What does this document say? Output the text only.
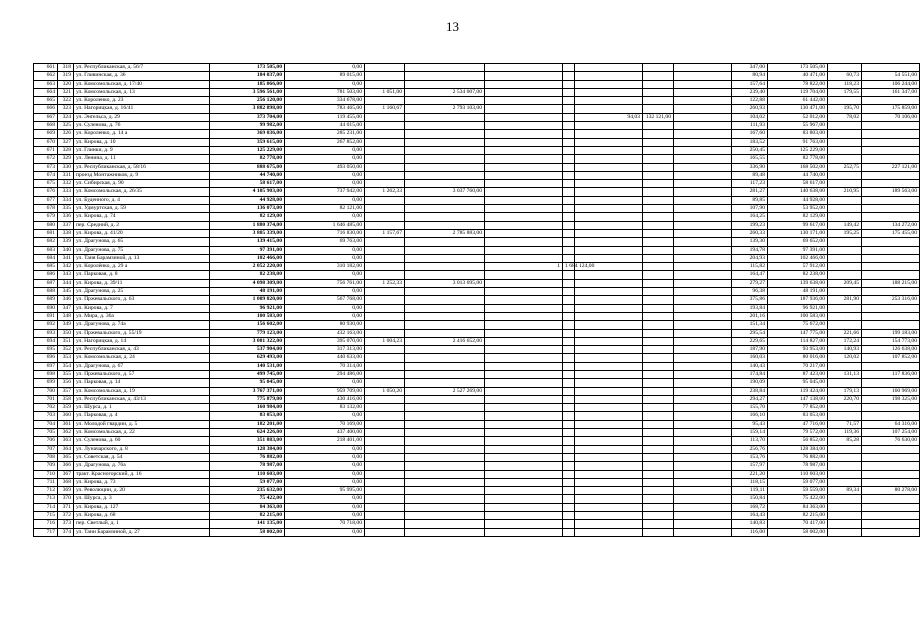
13
661	318	ул. Республиканская, д. 56/7	173 505,00	0,00								347,00	173 505,00		
662	319	ул. Гливинская, д. 36	184 037,00	89 015,00								80,94	40 471,00	60,73	54 551,00
663	320	ул. Комсомольская, д. 17/40	185 066,00	0,00								157,64	78 822,00	118,23	106 244,00
664	321	ул. Комсомольская, д. 13	3 596 561,00	781 503,00	1 051,00	2 534 007,00						239,40	119 704,00	179,55	161 347,00
665	322	ул. Короленко, д. 23	256 120,00	334 678,00								122,88	61 442,00		
666	323	ул. Нагорицкая, д. 16/41	3 882 898,00	783 465,00	1 160,67	2 793 103,00						260,93	130 471,00	195,70	175 859,00
667	324	ул. Энгельса, д. 29	373 704,00	119 455,00					94,03	132 121,00		104,02	52 012,00	78,02	70 106,00
668	325	ул. Суленова, д. 76	99 982,00	44 015,00								111,93	55 967,00		
669	326	ул. Короленко, д. 14 а	369 036,00	285 231,00								167,60	83 803,00		
670	327	ул. Кирова, д. 10	359 615,00	267 852,00								183,52	91 763,00		
671	328	ул. Глинки, д. 9	125 229,00	0,00								250,45	125 229,00		
672	329	ул. Ленина, д. 11	82 778,00	0,00								165,55	82 778,00		
673	330	ул. Республиканская, д. 58/16	888 675,00	493 050,00								336,90	168 502,00	252,75	227 121,00
674	331	проезд Монтажников, д. 9	44 740,00	0,00								89,48	44 740,00		
675	332	ул. Сибирская, д. 90	58 617,00	0,00								117,23	58 617,00		
676	333	ул. Комсомольская, д. 26/35	4 105 903,00	737 942,00	1 262,33	3 037 760,00						281,27	140 638,00	210,95	189 563,00
677	334	ул. Буденного, д. 4	44 928,00	0,00								89,85	44 928,00		
678	335	ул. Удмуртская, д. 59	136 073,00	82 121,00								107,90	53 952,00		
679	336	ул. Кирова, д. 74	82 129,00	0,00								164,25	82 129,00		
680	337	пер. Средний, д. 2	1 880 374,00	1 646 485,00								199,23	99 617,00	149,42	134 272,00
681	338	ул. Кирова, д. 41/20	3 805 339,00	716 830,00	1 157,67	2 785 883,00						260,33	130 171,00	195,25	175 455,00
682	339	ул. Драгунова, д. 65	139 415,00	69 763,00								139,30	69 652,00		
683	340	ул. Драгунова, д. 75	97 391,00	0,00								194,78	97 391,00		
684	341	ул. Таня Барамзиной, д. 13	102 466,00	0,00								204,93	102 466,00		
685	342	ул. Королёнко, д. 29 а	2 052 220,00	310 182,00			1	1 684 124,00				115,82	57 912,00		
686	343	ул. Парковая, д. 8	82 238,00	0,00								164,47	82 238,00		
687	344	ул. Кирова, д. 39/11	4 098 309,00	756 761,00	1 252,33	3 013 695,00						279,27	139 638,00	209,45	188 215,00
688	345	ул. Драгунова, д. 25	48 191,00	0,00								96,38	48 191,00		
689	346	ул. Пржевальского, д. 63	1 009 820,00	567 768,00								375,86	187 936,00	281,90	253 316,00
690	347	ул. Кирова, д. 7	96 921,00	0,00								193,84	96 921,00		
691	348	ул. Мира, д. 36а	100 583,00	0,00								201,16	100 583,00		
692	349	ул. Драгунова, д. 74а	156 602,00	80 930,00								151,34	75 672,00		
693	350	ул. Пржевальского, д. 55/19	779 123,00	432 163,00								295,54	147 775,00	221,66	199 183,00
694	351	ул. Нагорицкая, д. 14	3 081 322,00	395 070,00	1 004,23	2 416 652,00						229,65	114 827,00	172,24	154 773,00
695	352	ул. Республиканская, д. 43	537 904,00	317 313,00								187,90	93 953,00	140,93	126 638,00
696	353	ул. Комсомольская, д. 24	629 493,00	440 633,00								160,03	80 016,00	120,02	107 852,00
697	354	ул. Драгунова, д. 67	140 531,00	70 314,00								140,43	70 217,00		
698	355	ул. Пржевальского, д. 57	499 745,00	294 486,00								174,84	87 423,00	131,13	117 836,00
699	356	ул. Парковая, д. 14	95 045,00	0,00								190,09	95 045,00		
700	357	ул. Комсомольская, д. 19	3 767 371,00	959 709,00	1 050,20	2 527 269,00						238,84	119 424,00	179,13	160 969,00
701	358	ул. Республиканская, д. 43/13	775 879,00	430 416,00								294,27	147 138,00	220,70	198 325,00
702	359	ул. Шурса, д. 1	160 984,00	83 132,00								155,70	77 852,00		
703	360	ул. Парковая, д. 4	83 053,00	0,00								166,10	83 053,00		
704	361	ул. Молодой гвардии, д. 5	182 201,00	70 169,00								95,43	47 716,00	71,57	64 316,00
705	362	ул. Комсомольская, д. 22	624 226,00	437 400,00								159,14	79 572,00	119,36	107 254,00
706	363	ул. Суленова, д. 60	351 883,00	218 401,00								113,70	56 852,00	85,28	76 630,00
707	364	ул. Луначарского, д. 8	128 384,00	0,00								256,76	128 384,00		
708	365	ул. Советская, д. 54	76 882,00	0,00								153,76	76 882,00		
709	366	ул. Драгунова, д. 76а	78 987,00	0,00								157,97	78 987,00		
710	367	тракт. Красногорский, д. 16	110 603,00	0,00								221,20	110 603,00		
711	368	ул. Кирова, д. 73	59 077,00	0,00								118,15	59 077,00		
712	369	ул. Революции, д. 20	235 632,00	95 995,00								119,11	59 559,00	89,34	80 278,00
713	370	ул. Шурса, д. 3	75 422,00	0,00								150,84	75 422,00		
714	371	ул. Кирова, д. 127	84 363,00	0,00								168,72	84 363,00		
715	372	ул. Кирова, д. 68	82 215,00	0,00								164,43	82 215,00		
716	373	пер. Светлый, д. 1	141 135,00	70 718,00								140,83	70 417,00		
717	374	ул. Тани Барамзиной, д. 27	58 002,00	0,00								116,00	58 002,00		
